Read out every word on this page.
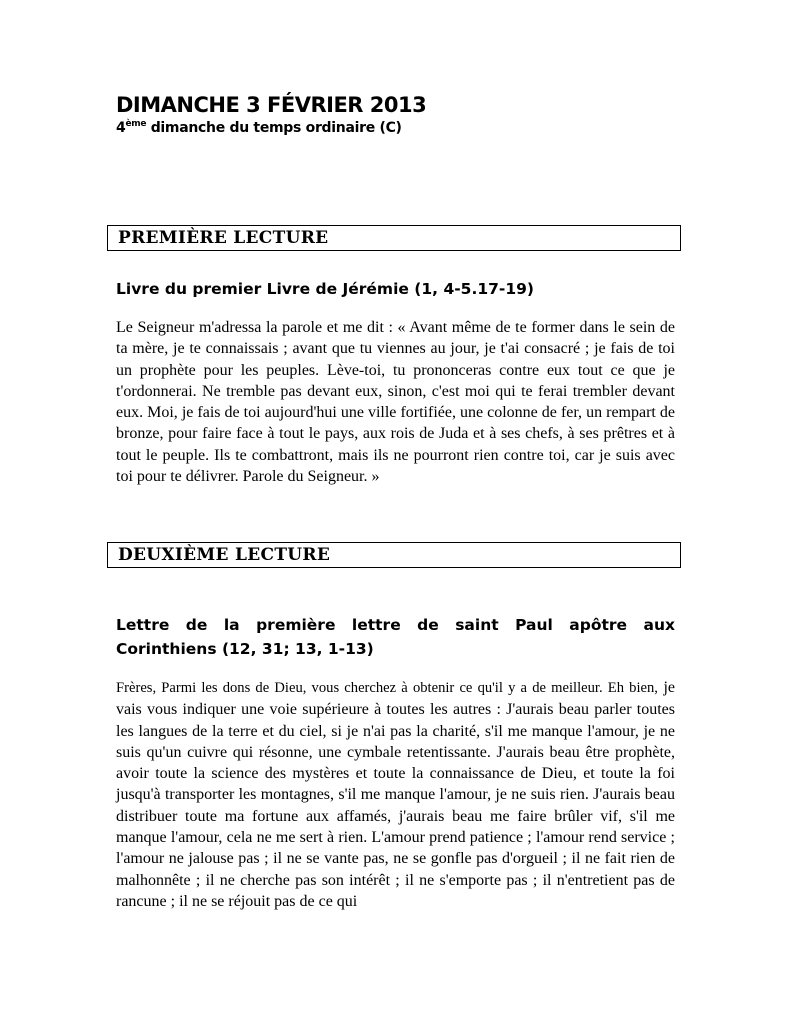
DIMANCHE 3 FÉVRIER 2013

4ème dimanche du temps ordinaire (C)

PREMIÈRE LECTURE

Livre du premier Livre de Jérémie (1, 4-5.17-19)

Le Seigneur m'adressa la parole et me dit : « Avant même de te former dans le sein de ta mère, je te connaissais ; avant que tu viennes au jour, je t'ai consacré ; je fais de toi un prophète pour les peuples. Lève-toi, tu prononceras contre eux tout ce que je t'ordonnerai. Ne tremble pas devant eux, sinon, c'est moi qui te ferai trembler devant eux. Moi, je fais de toi aujourd'hui une ville fortifiée, une colonne de fer, un rempart de bronze, pour faire face à tout le pays, aux rois de Juda et à ses chefs, à ses prêtres et à tout le peuple. Ils te combattront, mais ils ne pourront rien contre toi, car je suis avec toi pour te délivrer. Parole du Seigneur. »

DEUXIÈME LECTURE

Lettre de la première lettre de saint Paul apôtre aux
Corinthiens (12, 31; 13, 1-13)

Frères, Parmi les dons de Dieu, vous cherchez à obtenir ce qu'il y a de meilleur. Eh bien, je vais vous indiquer une voie supérieure à toutes les autres : J'aurais beau parler toutes les langues de la terre et du ciel, si je n'ai pas la charité, s'il me manque l'amour, je ne suis qu'un cuivre qui résonne, une cymbale retentissante. J'aurais beau être prophète, avoir toute la science des mystères et toute la connaissance de Dieu, et toute la foi jusqu'à transporter les montagnes, s'il me manque l'amour, je ne suis rien. J'aurais beau distribuer toute ma fortune aux affamés, j'aurais beau me faire brûler vif, s'il me manque l'amour, cela ne me sert à rien. L'amour prend patience ; l'amour rend service ; l'amour ne jalouse pas ; il ne se vante pas, ne se gonfle pas d'orgueil ; il ne fait rien de malhonnête ; il ne cherche pas son intérêt ; il ne s'emporte pas ; il n'entretient pas de rancune ; il ne se réjouit pas de ce qui
